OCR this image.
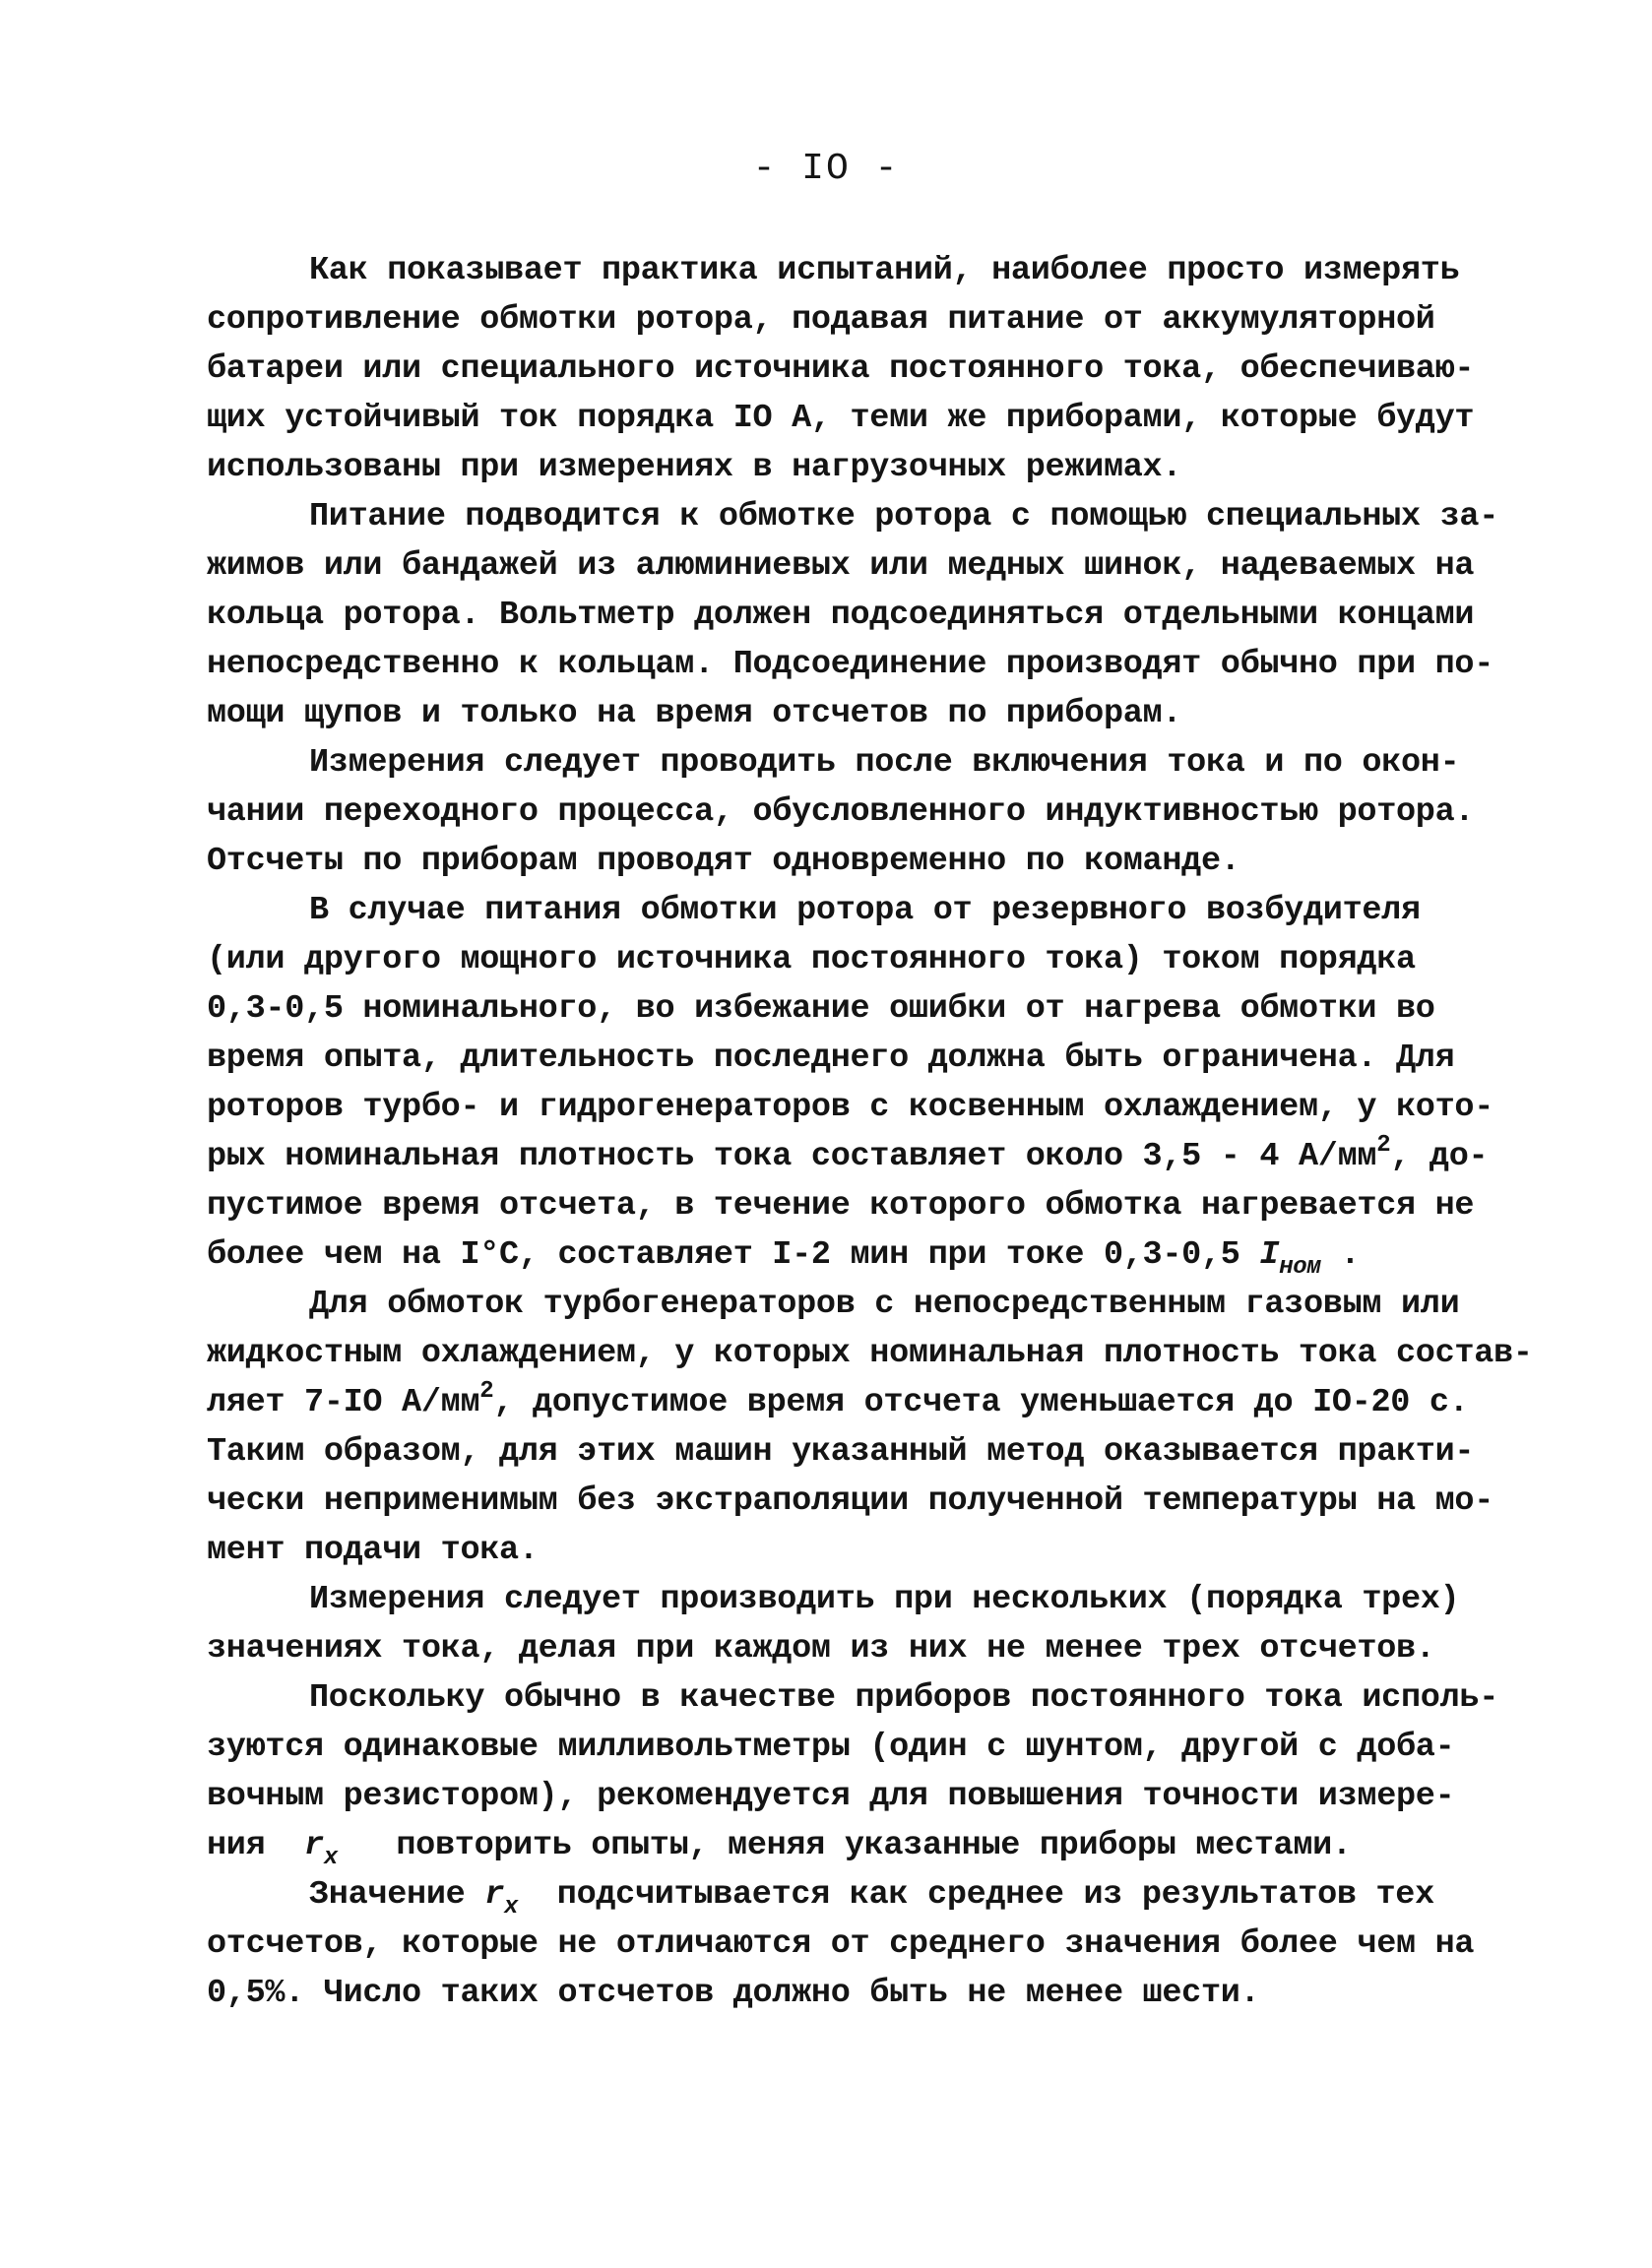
- IO -
Как показывает практика испытаний, наиболее просто измерять
сопротивление обмотки ротора, подавая питание от аккумуляторной
батареи или специального источника постоянного тока, обеспечиваю-
щих устойчивый ток порядка IO А, теми же приборами, которые будут
использованы при измерениях в нагрузочных режимах.
Питание подводится к обмотке ротора с помощью специальных за-
жимов или бандажей из алюминиевых или медных шинок, надеваемых на
кольца ротора. Вольтметр должен подсоединяться отдельными концами
непосредственно к кольцам. Подсоединение производят обычно при по-
мощи щупов и только на время отсчетов по приборам.
Измерения следует проводить после включения тока и по окон-
чании переходного процесса, обусловленного индуктивностью ротора.
Отсчеты по приборам проводят одновременно по команде.
В случае питания обмотки ротора от резервного возбудителя
(или другого мощного источника постоянного тока) током порядка
0,3-0,5 номинального, во избежание ошибки от нагрева обмотки во
время опыта, длительность последнего должна быть ограничена. Для
роторов турбо- и гидрогенераторов с косвенным охлаждением, у кото-
рых номинальная плотность тока составляет около 3,5 - 4 $А/мм^2$, до-
пустимое время отсчета, в течение которого обмотка нагревается не
более чем на I°С, составляет I-2 мин при токе 0,3-0,5 $I_{ном}$ .
Для обмоток турбогенераторов с непосредственным газовым или
жидкостным охлаждением, у которых номинальная плотность тока состав-
ляет 7-IO $А/мм^2$, допустимое время отсчета уменьшается до IO-20 с.
Таким образом, для этих машин указанный метод оказывается практи-
чески неприменимым без экстраполяции полученной температуры на мо-
мент подачи тока.
Измерения следует производить при нескольких (порядка трех)
значениях тока, делая при каждом из них не менее трех отсчетов.
Поскольку обычно в качестве приборов постоянного тока исполь-
зуются одинаковые милливольтметры (один с шунтом, другой с доба-
вочным резистором), рекомендуется для повышения точности измере-
ния  $r_x$   повторить опыты, меняя указанные приборы местами.
Значение $r_x$  подсчитывается как среднее из результатов тех
отсчетов, которые не отличаются от среднего значения более чем на
0,5%. Число таких отсчетов должно быть не менее шести.
